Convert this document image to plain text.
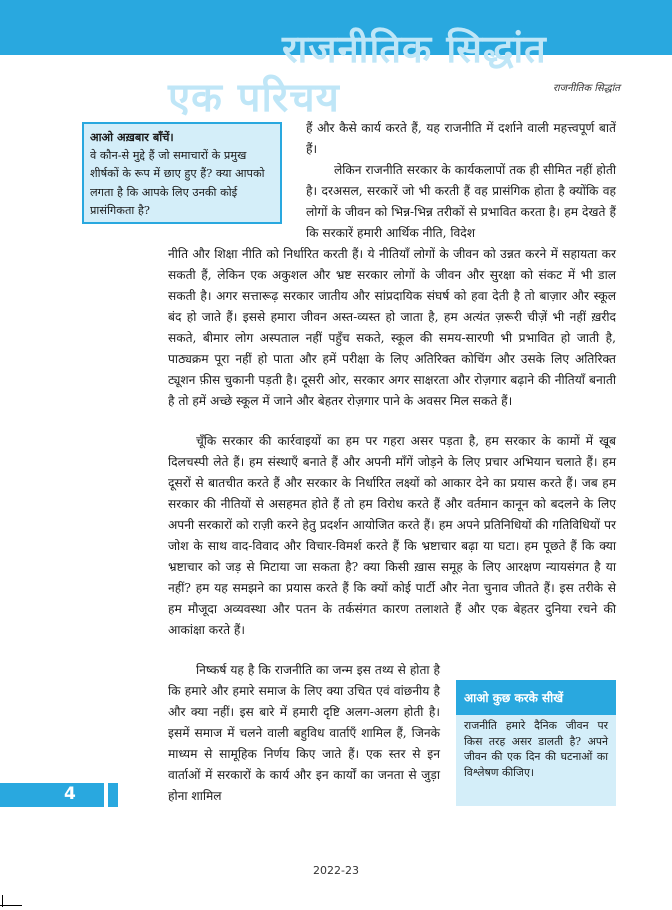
राजनीतिक सिद्धांत
एक परिचय	राजनीतिक सिद्धांत
आओ अख़बार बाँचें।
वे कौन-से मुद्दे हैं जो समाचारों के प्रमुख शीर्षकों के रूप में छाए हुए हैं? क्या आपको लगता है कि आपके लिए उनकी कोई प्रासंगिकता है?

हैं और कैसे कार्य करते हैं, यह राजनीति में दर्शाने वाली महत्त्वपूर्ण बातें हैं।

लेकिन राजनीति सरकार के कार्यकलापों तक ही सीमित नहीं होती है। दरअसल, सरकारें जो भी करती हैं वह प्रासंगिक होता है क्योंकि वह लोगों के जीवन को भिन्न-भिन्न तरीकों से प्रभावित करता है। हम देखते हैं कि सरकारें हमारी आर्थिक नीति, विदेश

नीति और शिक्षा नीति को निर्धारित करती हैं। ये नीतियाँ लोगों के जीवन को उन्नत करने में सहायता कर सकती हैं, लेकिन एक अकुशल और भ्रष्ट सरकार लोगों के जीवन और सुरक्षा को संकट में भी डाल सकती है। अगर सत्तारूढ़ सरकार जातीय और सांप्रदायिक संघर्ष को हवा देती है तो बाज़ार और स्कूल बंद हो जाते हैं। इससे हमारा जीवन अस्त-व्यस्त हो जाता है, हम अत्यंत ज़रूरी चीज़ें भी नहीं ख़रीद सकते, बीमार लोग अस्पताल नहीं पहुँच सकते, स्कूल की समय-सारणी भी प्रभावित हो जाती है, पाठ्यक्रम पूरा नहीं हो पाता और हमें परीक्षा के लिए अतिरिक्त कोचिंग और उसके लिए अतिरिक्त ट्यूशन फ़ीस चुकानी पड़ती है। दूसरी ओर, सरकार अगर साक्षरता और रोज़गार बढ़ाने की नीतियाँ बनाती है तो हमें अच्छे स्कूल में जाने और बेहतर रोज़गार पाने के अवसर मिल सकते हैं।

चूँकि सरकार की कार्रवाइयों का हम पर गहरा असर पड़ता है, हम सरकार के कामों में खूब दिलचस्पी लेते हैं। हम संस्थाएँ बनाते हैं और अपनी माँगें जोड़ने के लिए प्रचार अभियान चलाते हैं। हम दूसरों से बातचीत करते हैं और सरकार के निर्धारित लक्ष्यों को आकार देने का प्रयास करते हैं। जब हम सरकार की नीतियों से असहमत होते हैं तो हम विरोध करते हैं और वर्तमान कानून को बदलने के लिए अपनी सरकारों को राज़ी करने हेतु प्रदर्शन आयोजित करते हैं। हम अपने प्रतिनिधियों की गतिविधियों पर जोश के साथ वाद-विवाद और विचार-विमर्श करते हैं कि भ्रष्टाचार बढ़ा या घटा। हम पूछते हैं कि क्या भ्रष्टाचार को जड़ से मिटाया जा सकता है? क्या किसी ख़ास समूह के लिए आरक्षण न्यायसंगत है या नहीं? हम यह समझने का प्रयास करते हैं कि क्यों कोई पार्टी और नेता चुनाव जीतते हैं। इस तरीके से हम मौजूदा अव्यवस्था और पतन के तर्कसंगत कारण तलाशते हैं और एक बेहतर दुनिया रचने की आकांक्षा करते हैं।

निष्कर्ष यह है कि राजनीति का जन्म इस तथ्य से होता है कि हमारे और हमारे समाज के लिए क्या उचित एवं वांछनीय है और क्या नहीं। इस बारे में हमारी दृष्टि अलग-अलग होती है। इसमें समाज में चलने वाली बहुविध वार्ताएँ शामिल हैं, जिनके माध्यम से सामूहिक निर्णय किए जाते हैं। एक स्तर से इन वार्ताओं में सरकारों के कार्य और इन कार्यों का जनता से जुड़ा होना शामिल

आओ कुछ करके सीखें
राजनीति हमारे दैनिक जीवन पर किस तरह असर डालती है? अपने जीवन की एक दिन की घटनाओं का विश्लेषण कीजिए।
4
2022-23
